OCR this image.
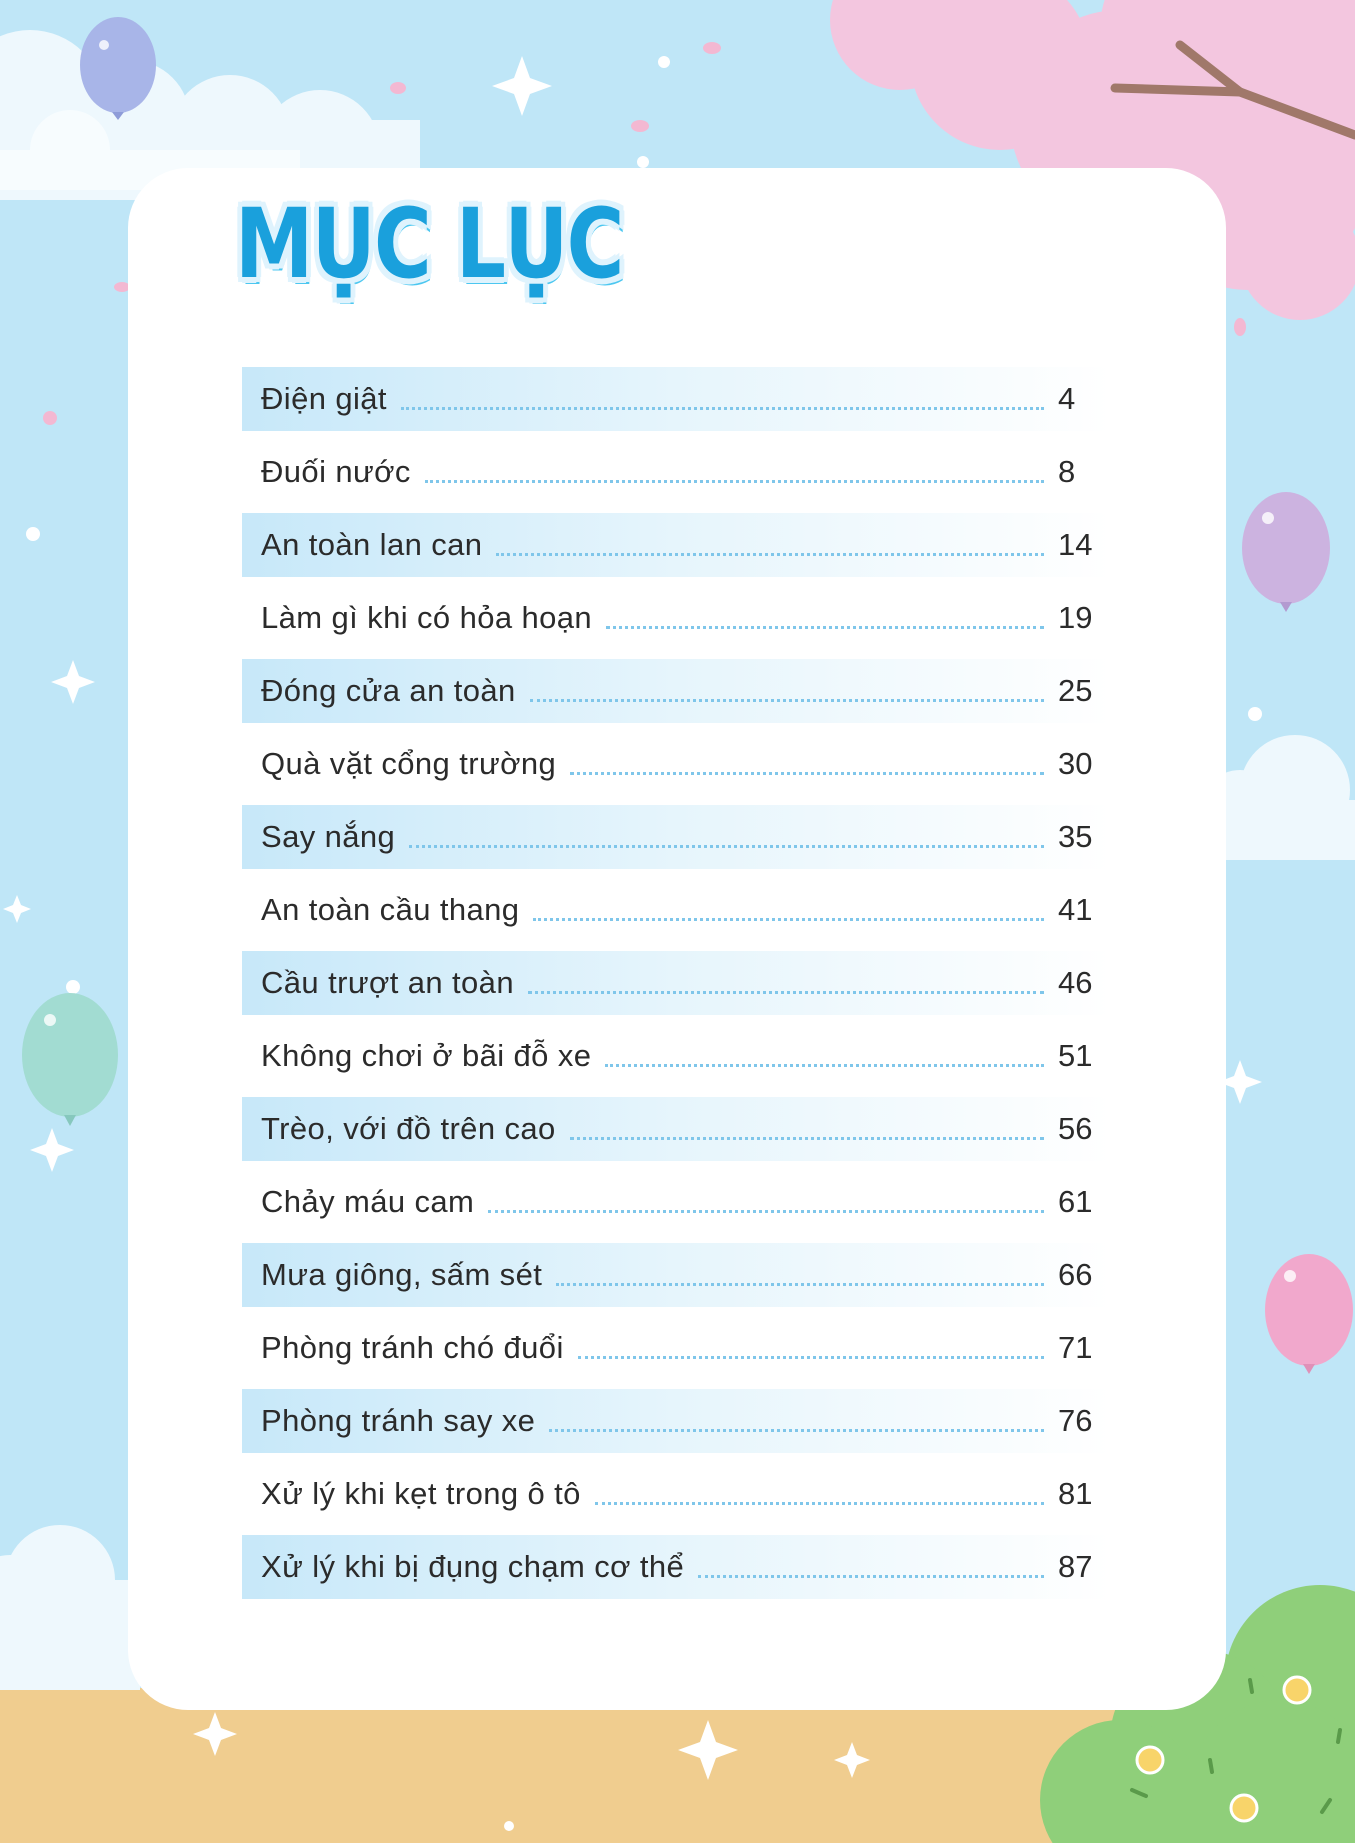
MỤC LỤC
Điện giật	4
Đuối nước	8
An toàn lan can	14
Làm gì khi có hỏa hoạn	19
Đóng cửa an toàn	25
Quà vặt cổng trường	30
Say nắng	35
An toàn cầu thang	41
Cầu trượt an toàn	46
Không chơi ở bãi đỗ xe	51
Trèo, với đồ trên cao	56
Chảy máu cam	61
Mưa giông, sấm sét	66
Phòng tránh chó đuổi	71
Phòng tránh say xe	76
Xử lý khi kẹt trong ô tô	81
Xử lý khi bị đụng chạm cơ thể	87
